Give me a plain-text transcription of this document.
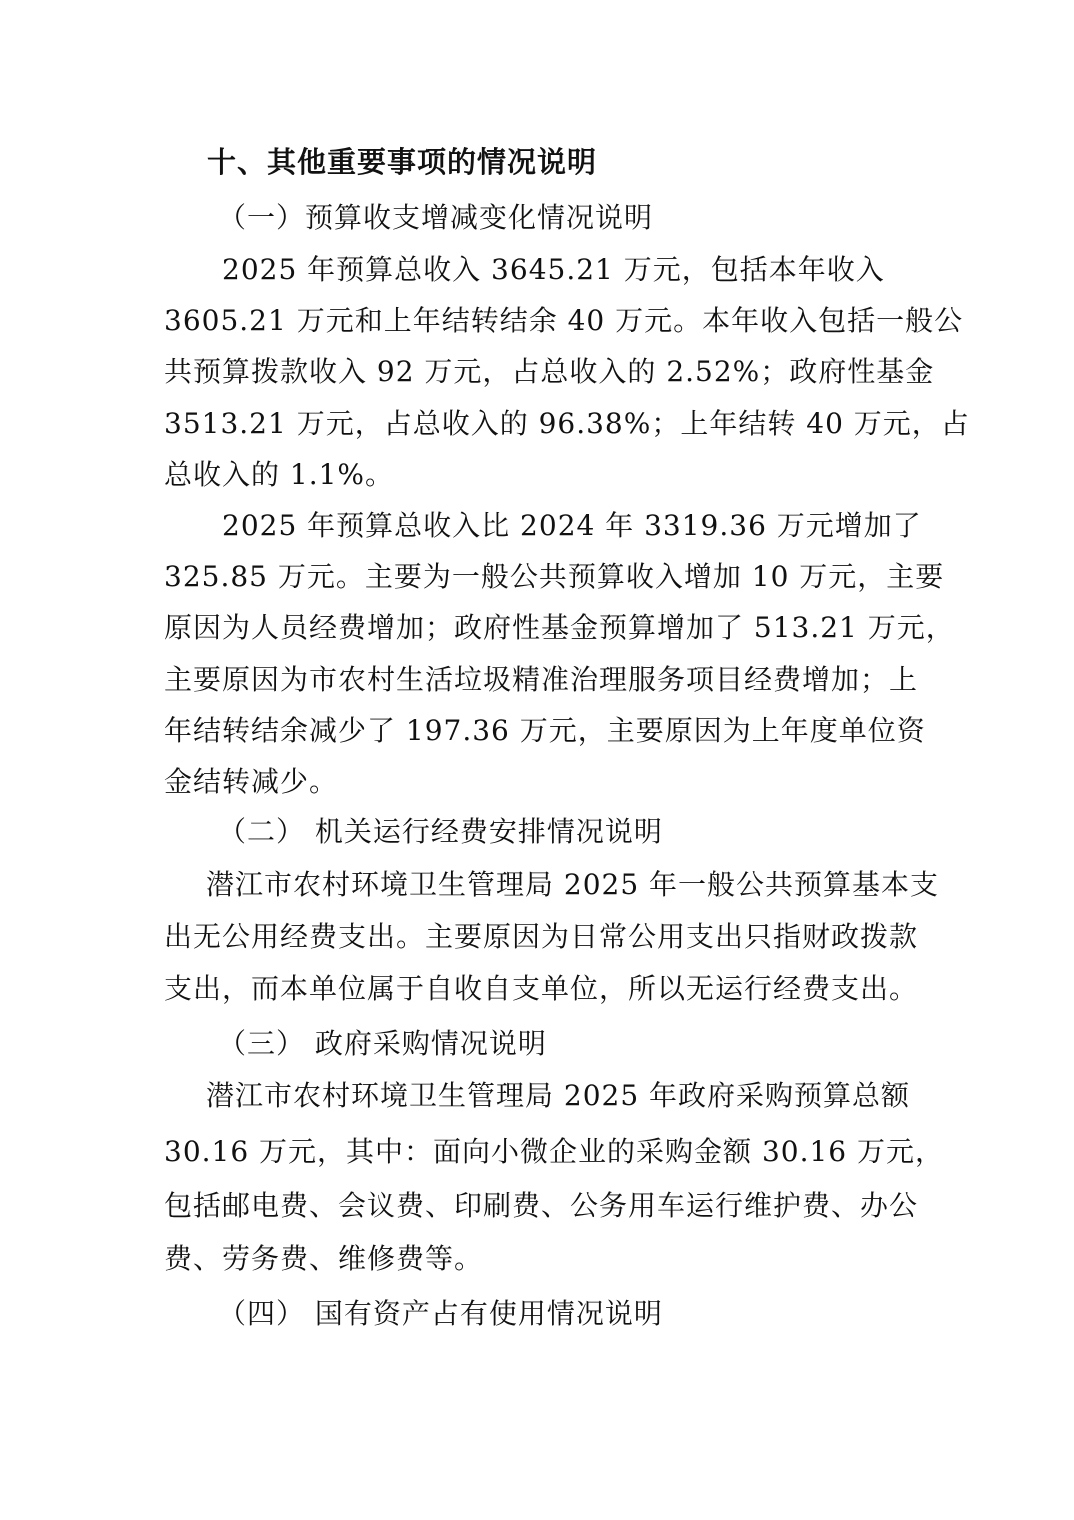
十、其他重要事项的情况说明
（一）预算收支增减变化情况说明
2025 年预算总收入 3645.21 万元，包括本年收入
3605.21 万元和上年结转结余 40 万元。本年收入包括一般公
共预算拨款收入 92 万元，占总收入的 2.52%；政府性基金
3513.21 万元，占总收入的 96.38%；上年结转 40 万元，占
总收入的 1.1%。
2025 年预算总收入比 2024 年 3319.36 万元增加了
325.85 万元。主要为一般公共预算收入增加 10 万元，主要
原因为人员经费增加；政府性基金预算增加了 513.21 万元，
主要原因为市农村生活垃圾精准治理服务项目经费增加；上
年结转结余减少了 197.36 万元，主要原因为上年度单位资
金结转减少。
（二） 机关运行经费安排情况说明
潜江市农村环境卫生管理局 2025 年一般公共预算基本支
出无公用经费支出。主要原因为日常公用支出只指财政拨款
支出，而本单位属于自收自支单位，所以无运行经费支出。
（三） 政府采购情况说明
潜江市农村环境卫生管理局 2025 年政府采购预算总额
30.16 万元，其中：面向小微企业的采购金额 30.16 万元，
包括邮电费、会议费、印刷费、公务用车运行维护费、办公
费、劳务费、维修费等。
（四） 国有资产占有使用情况说明
